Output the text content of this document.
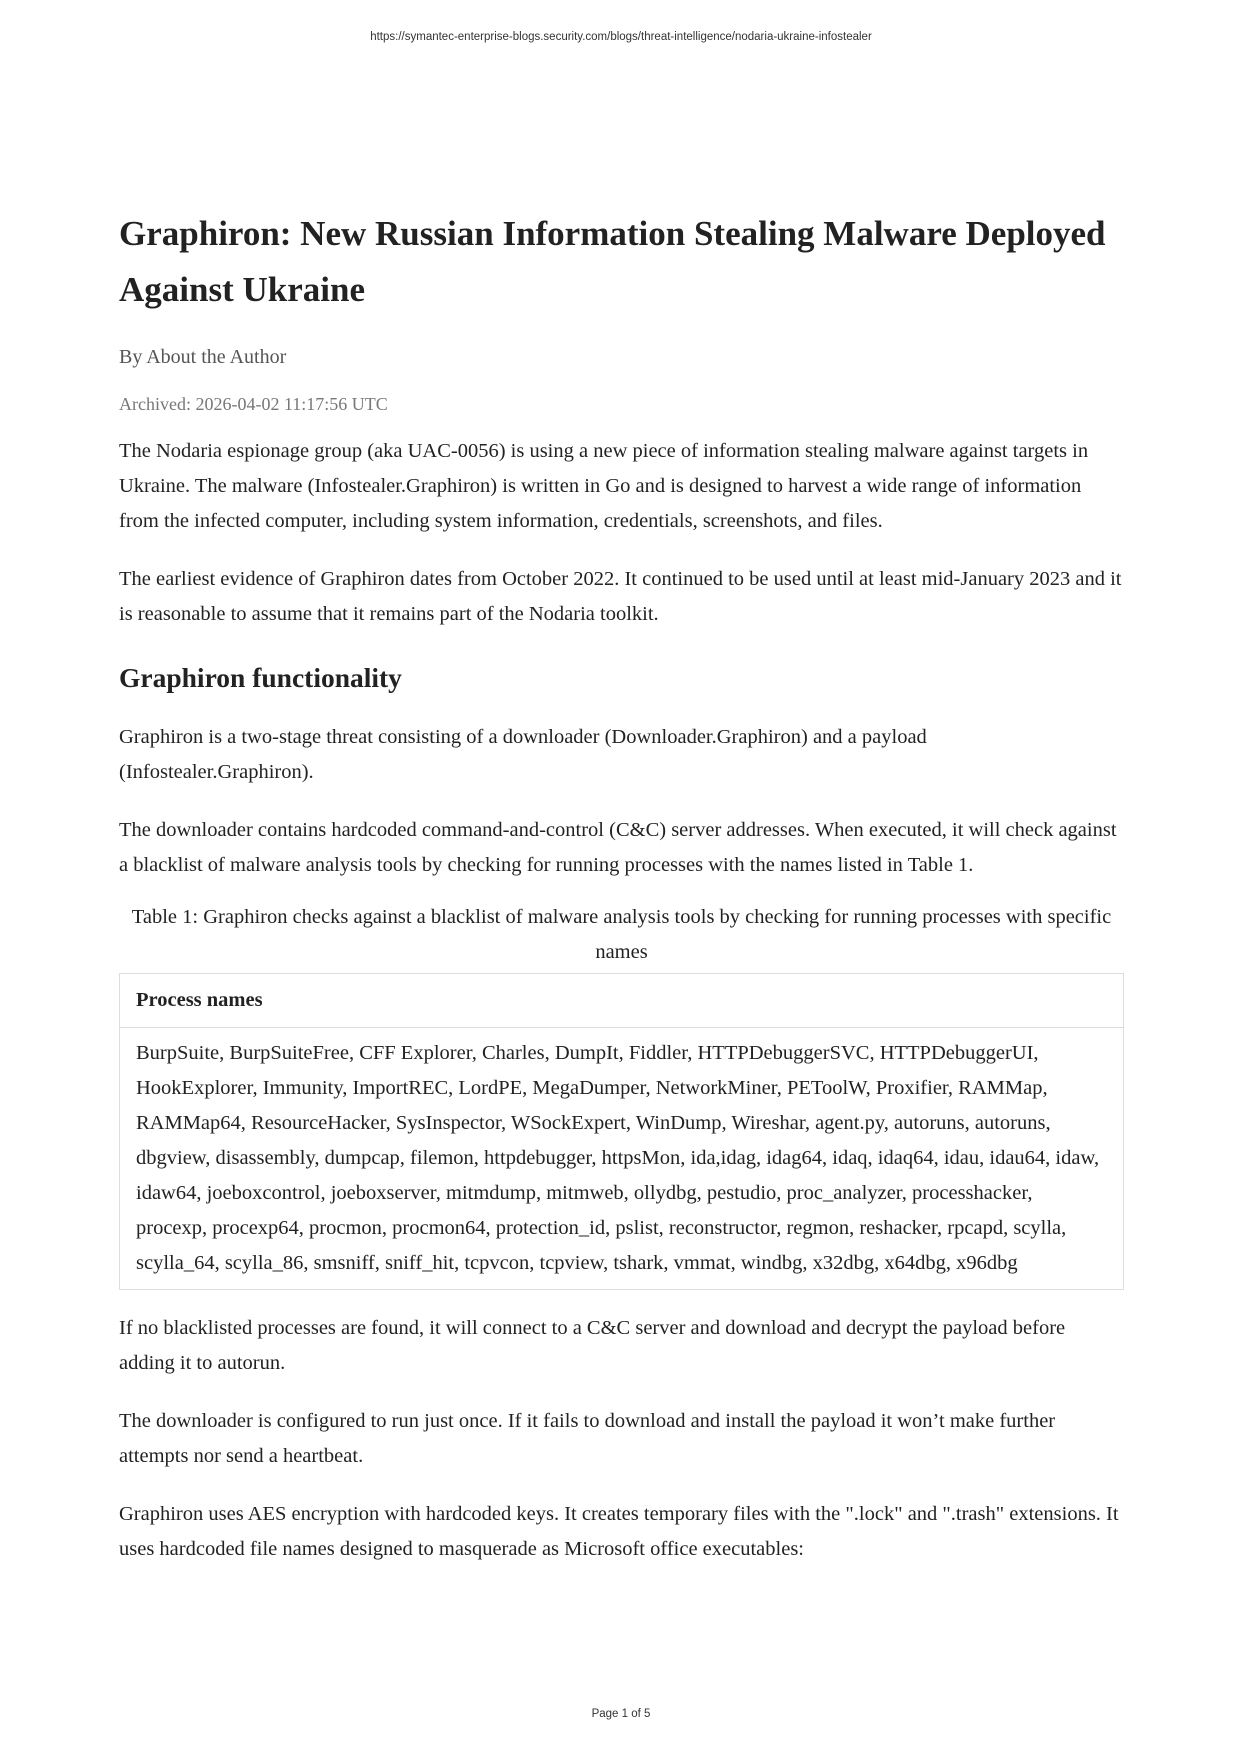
https://symantec-enterprise-blogs.security.com/blogs/threat-intelligence/nodaria-ukraine-infostealer
Graphiron: New Russian Information Stealing Malware Deployed Against Ukraine
By About the Author
Archived: 2026-04-02 11:17:56 UTC

The Nodaria espionage group (aka UAC-0056) is using a new piece of information stealing malware against targets in Ukraine. The malware (Infostealer.Graphiron) is written in Go and is designed to harvest a wide range of information from the infected computer, including system information, credentials, screenshots, and files.

The earliest evidence of Graphiron dates from October 2022. It continued to be used until at least mid-January 2023 and it is reasonable to assume that it remains part of the Nodaria toolkit.

Graphiron functionality

Graphiron is a two-stage threat consisting of a downloader (Downloader.Graphiron) and a payload (Infostealer.Graphiron).

The downloader contains hardcoded command-and-control (C&C) server addresses. When executed, it will check against a blacklist of malware analysis tools by checking for running processes with the names listed in Table 1.

Table 1: Graphiron checks against a blacklist of malware analysis tools by checking for running processes with specific names
Process names
BurpSuite, BurpSuiteFree, CFF Explorer, Charles, DumpIt, Fiddler, HTTPDebuggerSVC, HTTPDebuggerUI, HookExplorer, Immunity, ImportREC, LordPE, MegaDumper, NetworkMiner, PEToolW, Proxifier, RAMMap, RAMMap64, ResourceHacker, SysInspector, WSockExpert, WinDump, Wireshar, agent.py, autoruns, autoruns, dbgview, disassembly, dumpcap, filemon, httpdebugger, httpsMon, ida,idag, idag64, idaq, idaq64, idau, idau64, idaw, idaw64, joeboxcontrol, joeboxserver, mitmdump, mitmweb, ollydbg, pestudio, proc_analyzer, processhacker, procexp, procexp64, procmon, procmon64, protection_id, pslist, reconstructor, regmon, reshacker, rpcapd, scylla, scylla_64, scylla_86, smsniff, sniff_hit, tcpvcon, tcpview, tshark, vmmat, windbg, x32dbg, x64dbg, x96dbg

If no blacklisted processes are found, it will connect to a C&C server and download and decrypt the payload before adding it to autorun.

The downloader is configured to run just once. If it fails to download and install the payload it won’t make further attempts nor send a heartbeat.

Graphiron uses AES encryption with hardcoded keys. It creates temporary files with the ".lock" and ".trash" extensions. It uses hardcoded file names designed to masquerade as Microsoft office executables:

Page 1 of 5
